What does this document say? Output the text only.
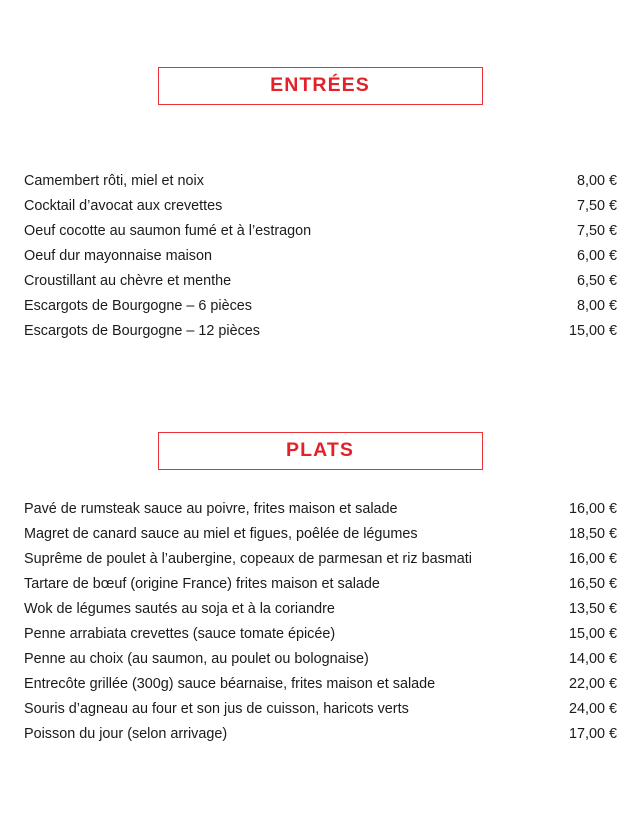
ENTRÉES
Camembert rôti, miel et noix	8,00 €
Cocktail d’avocat aux crevettes	7,50 €
Oeuf cocotte au saumon fumé et à l’estragon	7,50 €
Oeuf dur mayonnaise maison	6,00 €
Croustillant au chèvre et menthe	6,50 €
Escargots de Bourgogne – 6 pièces	8,00 €
Escargots de Bourgogne – 12 pièces	15,00 €
PLATS
Pavé de rumsteak sauce au poivre, frites maison et salade	16,00 €
Magret de canard sauce au miel et figues, poêlée de légumes	18,50 €
Suprême de poulet à l’aubergine, copeaux de parmesan et riz basmati	16,00 €
Tartare de bœuf (origine France) frites maison et salade	16,50 €
Wok de légumes sautés au soja et à la coriandre	13,50 €
Penne arrabiata crevettes (sauce tomate épicée)	15,00 €
Penne au choix (au saumon, au poulet ou bolognaise)	14,00 €
Entrecôte grillée (300g) sauce béarnaise, frites maison et salade	22,00 €
Souris d’agneau au four et son jus de cuisson, haricots verts	24,00 €
Poisson du jour (selon arrivage)	17,00 €
